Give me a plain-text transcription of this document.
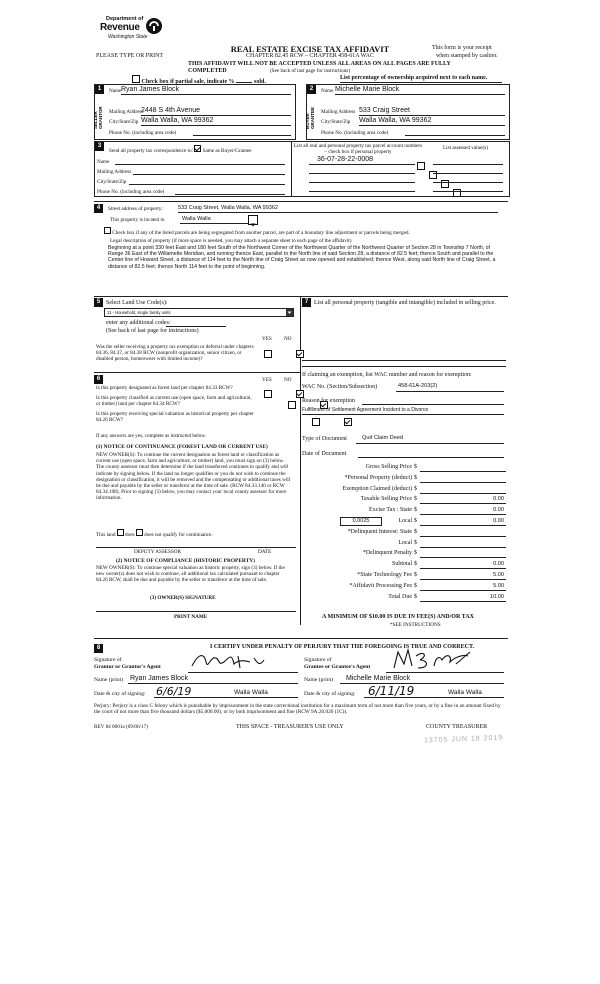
Department of
Revenue
Washington State
REAL ESTATE EXCISE TAX AFFIDAVIT
CHAPTER 82.45 RCW – CHAPTER 458-61A WAC
THIS AFFIDAVIT WILL NOT BE ACCEPTED UNLESS ALL AREAS ON ALL PAGES ARE FULLY COMPLETED	(See back of last page for instructions)
PLEASE TYPE OR PRINT
This form is your receipt
when stamped by cashier.
Check box if partial sale, indicate %	sold.
List percentage of ownership acquired next to each name.
1
SELLER GRANTOR
Name Ryan James Block
Mailing Address
2448 S 4th Avenue
City/State/Zip Walla Walla, WA 99362
Phone No. (including area code)
2
BUYER GRANTEE
Name Michelle Marie Block
Mailing Address 533 Craig Street
City/State/Zip Walla Walla, WA 99362
Phone No. (including area code)
3
Send all property tax correspondence to: Same as Buyer/Grantee
Name
Mailing Address
City/State/Zip
Phone No. (including area code)
List all real and personal property tax parcel account numbers – check box if personal property
List assessed value(s)
36-07-28-22-0008

4	Street address of property:	533 Craig Street, Walla Walla, WA 99362
This property is located in	Walla Walla
Check box if any of the listed parcels are being segregated from another parcel, are part of a boundary line adjustment or parcels being merged.
Legal description of property (if more space is needed, you may attach a separate sheet to each page of the affidavit)
Beginning at a point 330 feet East and 180 feet South of the Northwest Corner of the Northwest Quarter of the Northwest Quarter of Section 28 in Township 7 North, of Range 36 East of the Willamette Meridian, and running thence East, parallel to the North line of said Section 28, a distance of 82.5 feet; thence South and parallel to the Center line of Howard Street, a distance of 114 feet to the North line of Craig Street as now opened and established; thence West, along said North line of Craig Street, a distance of 82.5 feet; thence North 114 feet to the point of beginning.
5 Select Land Use Code(s):
11 - Household, single family units
enter any additional codes:
(See back of last page for instructions)
YES NO
Was the seller receiving a property tax exemption or deferral under chapters 84.36, 84.37, or 84.38 RCW (nonprofit organization, senior citizen, or disabled person, homeowner with limited income)?

6	YES NO
Is this property designated as forest land per chapter 84.33 RCW?

Is this property classified as current use (open space, farm and agricultural, or timber) land per chapter 84.34 RCW?

Is this property receiving special valuation as historical property per chapter 84.26 RCW?

If any answers are yes, complete as instructed below.
(1) NOTICE OF CONTINUANCE (FOREST LAND OR CURRENT USE)
NEW OWNER(S): To continue the current designation as forest land or classification as current use (open space, farm and agriculture, or timber) land, you must sign on (3) below. The county assessor must then determine if the land transferred continues to qualify and will indicate by signing below. If the land no longer qualifies or you do not wish to continue the designation or classification, it will be removed and the compensating or additional taxes will be due and payable by the seller or transferor at the time of sale. (RCW 84.33.140 or RCW 84.34.108). Prior to signing (3) below, you may contact your local county assessor for more information.
This land does does not qualify for continuance.
DEPUTY ASSESSOR	DATE
(2) NOTICE OF COMPLIANCE (HISTORIC PROPERTY)
NEW OWNER(S): To continue special valuation as historic property, sign (3) below. If the new owner(s) does not wish to continue, all additional tax calculated pursuant to chapter 84.26 RCW, shall be due and payable by the seller or transferor at the time of sale.
(3) OWNER(S) SIGNATURE
PRINT NAME
7 List all personal property (tangible and intangible) included in selling price.
If claiming an exemption, list WAC number and reason for exemption:
WAC No. (Section/Subsection)	458-61A-203(2)
Reason for exemption
Fulfillment of Settlement Agreement Incident to a Divorce
Type of Document	Quit Claim Deed
Date of Document
Gross Selling Price $
*Personal Property (deduct) $
Exemption Claimed (deduct) $
Taxable Selling Price $	0.00
Excise Tax : State $	0.00
Local $	0.00
0.0025
*Delinquent Interest: State $
Local $
*Delinquent Penalty $
Subtotal $	0.00
*State Technology Fee $	5.00
*Affidavit Processing Fee $	5.00
Total Due $	10.00
A MINIMUM OF $10.00 IS DUE IN FEE(S) AND/OR TAX
*SEE INSTRUCTIONS
8	I CERTIFY UNDER PENALTY OF PERJURY THAT THE FOREGOING IS TRUE AND CORRECT.
Signature of
Grantor or Grantor's Agent
Signature of
Grantee or Grantee's Agent
Name (print) Ryan James Block	Name (print) Michelle Marie Block
Date & city of signing: 6/6/19	Walla Walla	Date & city of signing: 6/11/19	Walla Walla
Perjury: Perjury is a class C felony which is punishable by imprisonment in the state correctional institution for a maximum term of not more than five years, or by a fine in an amount fixed by the court of not more than five thousand dollars ($5,000.00), or by both imprisonment and fine (RCW 9A.20.020 (1C)).
REV 84 0001a (09/06/17)	THIS SPACE - TREASURER'S USE ONLY	COUNTY TREASURER
13705 JUN 18 2019
